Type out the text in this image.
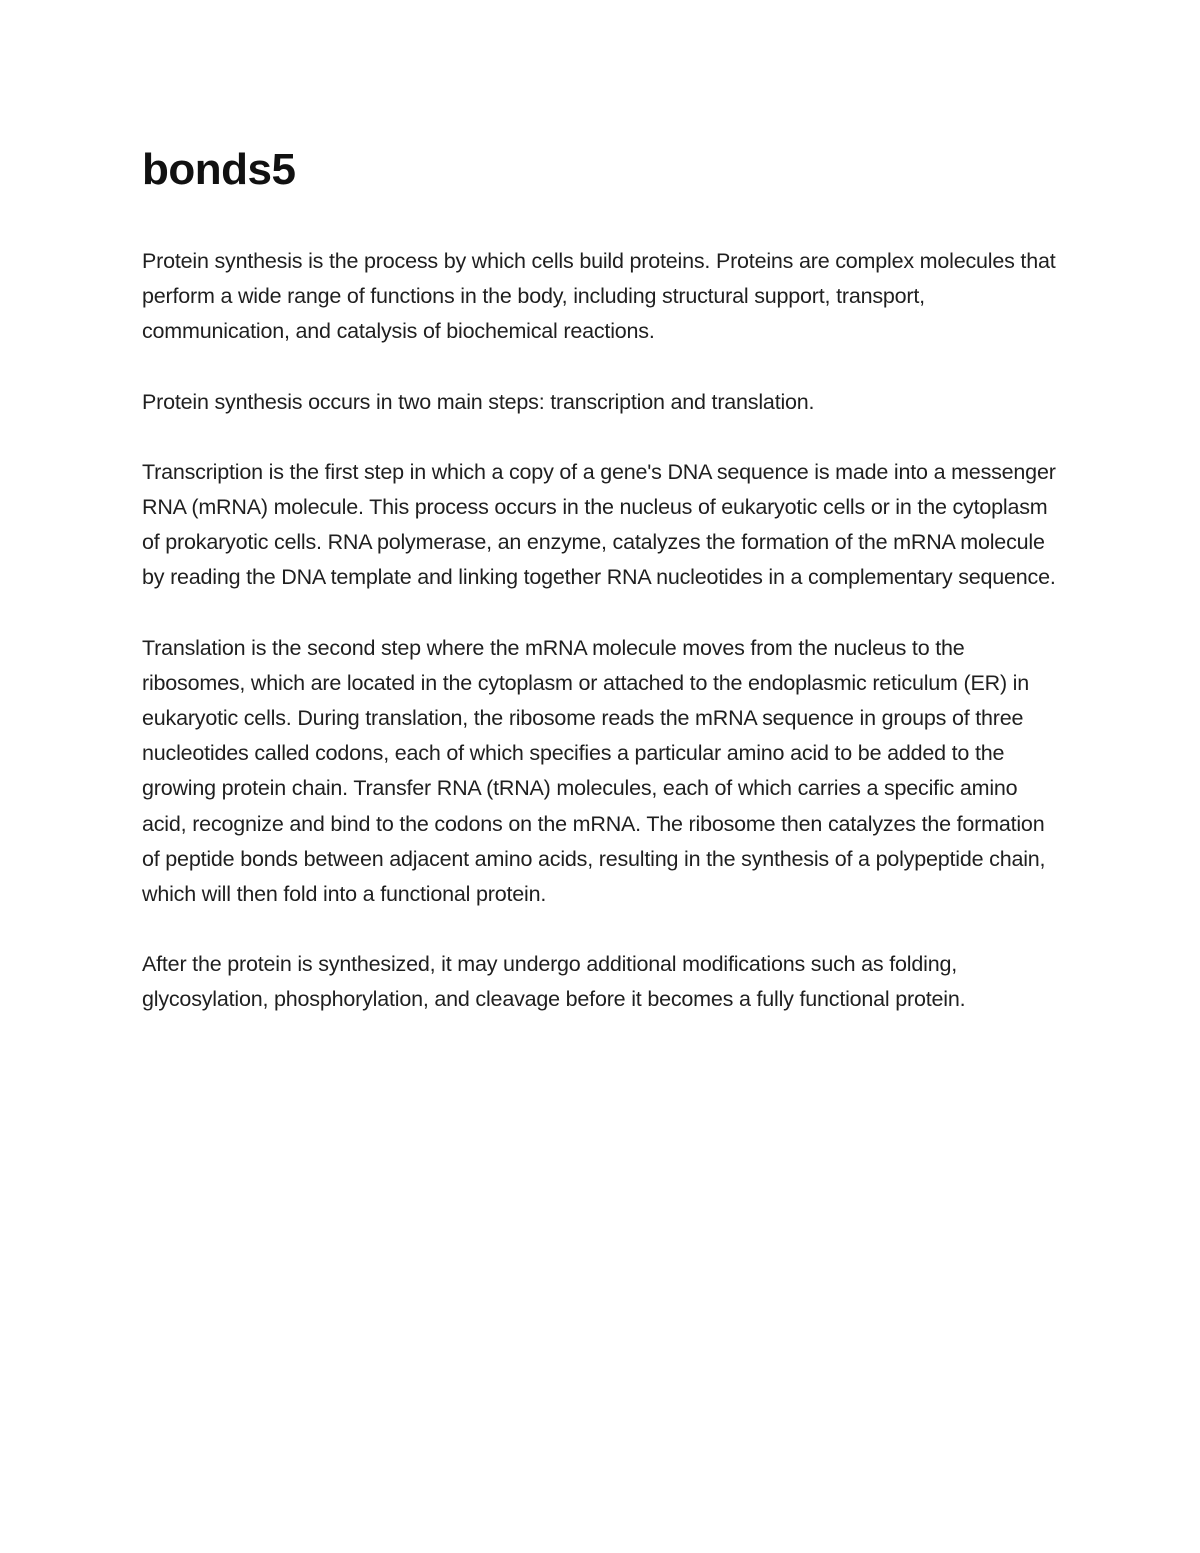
bonds5

Protein synthesis is the process by which cells build proteins. Proteins are complex molecules that perform a wide range of functions in the body, including structural support, transport, communication, and catalysis of biochemical reactions.

Protein synthesis occurs in two main steps: transcription and translation.

Transcription is the first step in which a copy of a gene's DNA sequence is made into a messenger RNA (mRNA) molecule. This process occurs in the nucleus of eukaryotic cells or in the cytoplasm of prokaryotic cells. RNA polymerase, an enzyme, catalyzes the formation of the mRNA molecule by reading the DNA template and linking together RNA nucleotides in a complementary sequence.

Translation is the second step where the mRNA molecule moves from the nucleus to the ribosomes, which are located in the cytoplasm or attached to the endoplasmic reticulum (ER) in eukaryotic cells. During translation, the ribosome reads the mRNA sequence in groups of three nucleotides called codons, each of which specifies a particular amino acid to be added to the growing protein chain. Transfer RNA (tRNA) molecules, each of which carries a specific amino acid, recognize and bind to the codons on the mRNA. The ribosome then catalyzes the formation of peptide bonds between adjacent amino acids, resulting in the synthesis of a polypeptide chain, which will then fold into a functional protein.

After the protein is synthesized, it may undergo additional modifications such as folding, glycosylation, phosphorylation, and cleavage before it becomes a fully functional protein.
